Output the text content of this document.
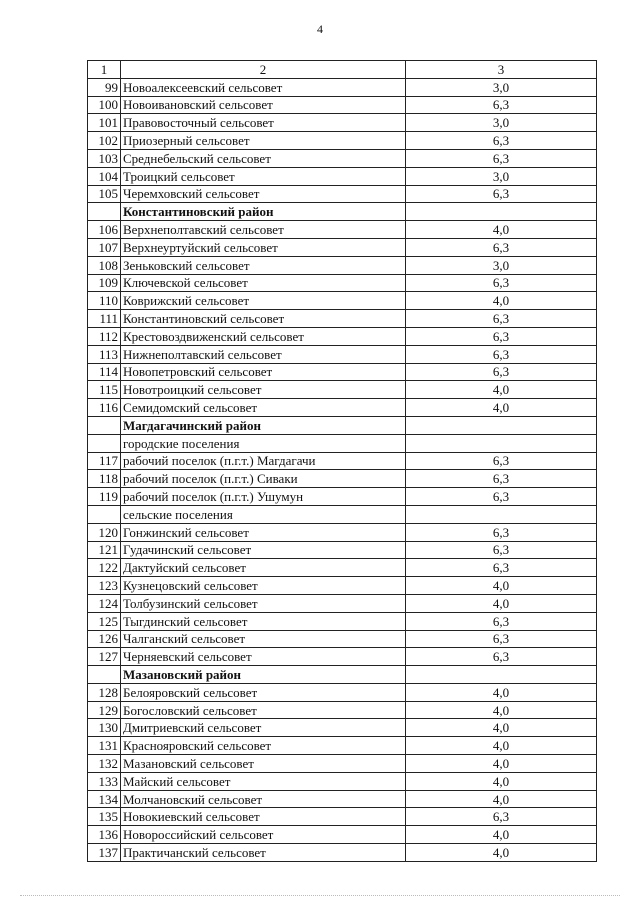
4
1	2	3
99	Новоалексеевский сельсовет	3,0
100	Новоивановский сельсовет	6,3
101	Правовосточный сельсовет	3,0
102	Приозерный сельсовет	6,3
103	Среднебельский сельсовет	6,3
104	Троицкий сельсовет	3,0
105	Черемховский сельсовет	6,3
	Константиновский район	
106	Верхнеполтавский сельсовет	4,0
107	Верхнеуртуйский сельсовет	6,3
108	Зеньковский сельсовет	3,0
109	Ключевской сельсовет	6,3
110	Коврижский сельсовет	4,0
111	Константиновский сельсовет	6,3
112	Крестовоздвиженский сельсовет	6,3
113	Нижнеполтавский сельсовет	6,3
114	Новопетровский сельсовет	6,3
115	Новотроицкий сельсовет	4,0
116	Семидомский сельсовет	4,0
	Магдагачинский район	
	городские поселения	
117	рабочий поселок (п.г.т.) Магдагачи	6,3
118	рабочий поселок (п.г.т.) Сиваки	6,3
119	рабочий поселок (п.г.т.) Ушумун	6,3
	сельские поселения	
120	Гонжинский сельсовет	6,3
121	Гудачинский сельсовет	6,3
122	Дактуйский сельсовет	6,3
123	Кузнецовский сельсовет	4,0
124	Толбузинский сельсовет	4,0
125	Тыгдинский сельсовет	6,3
126	Чалганский сельсовет	6,3
127	Черняевский сельсовет	6,3
	Мазановский район	
128	Белояровский сельсовет	4,0
129	Богословский сельсовет	4,0
130	Дмитриевский сельсовет	4,0
131	Краснояровский сельсовет	4,0
132	Мазановский сельсовет	4,0
133	Майский сельсовет	4,0
134	Молчановский сельсовет	4,0
135	Новокиевский сельсовет	6,3
136	Новороссийский сельсовет	4,0
137	Практичанский сельсовет	4,0
